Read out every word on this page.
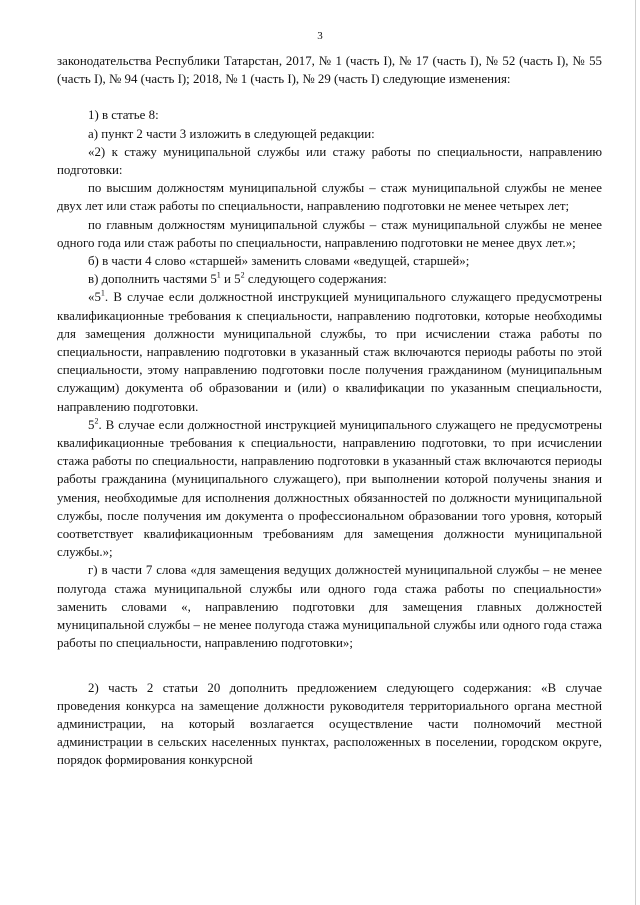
3

законодательства Республики Татарстан, 2017, № 1 (часть I), № 17 (часть I), № 52 (часть I), № 55 (часть I), № 94 (часть I); 2018, № 1 (часть I), № 29 (часть I) следующие изменения:

1) в статье 8:

а) пункт 2 части 3 изложить в следующей редакции:

«2) к стажу муниципальной службы или стажу работы по специальности, направлению подготовки:

по высшим должностям муниципальной службы – стаж муниципальной службы не менее двух лет или стаж работы по специальности, направлению подготовки не менее четырех лет;

по главным должностям муниципальной службы – стаж муниципальной службы не менее одного года или стаж работы по специальности, направлению подготовки не менее двух лет.»;

б) в части 4 слово «старшей» заменить словами «ведущей, старшей»;

в) дополнить частями $5^1$ и $5^2$ следующего содержания:

«$5^1$. В случае если должностной инструкцией муниципального служащего предусмотрены квалификационные требования к специальности, направлению подготовки, которые необходимы для замещения должности муниципальной службы, то при исчислении стажа работы по специальности, направлению подготовки в указанный стаж включаются периоды работы по этой специальности, этому направлению подготовки после получения гражданином (муниципальным служащим) документа об образовании и (или) о квалификации по указанным специальности, направлению подготовки.

$5^2$. В случае если должностной инструкцией муниципального служащего не предусмотрены квалификационные требования к специальности, направлению подготовки, то при исчислении стажа работы по специальности, направлению подготовки в указанный стаж включаются периоды работы гражданина (муниципального служащего), при выполнении которой получены знания и умения, необходимые для исполнения должностных обязанностей по должности муниципальной службы, после получения им документа о профессиональном образовании того уровня, который соответствует квалификационным требованиям для замещения должности муниципальной службы.»;

г) в части 7 слова «для замещения ведущих должностей муниципальной службы – не менее полугода стажа муниципальной службы или одного года стажа работы по специальности» заменить словами «, направлению подготовки для замещения главных должностей муниципальной службы – не менее полугода стажа муниципальной службы или одного года стажа работы по специальности, направлению подготовки»;

2) часть 2 статьи 20 дополнить предложением следующего содержания: «В случае проведения конкурса на замещение должности руководителя территориального органа местной администрации, на который возлагается осуществление части полномочий местной администрации в сельских населенных пунктах, расположенных в поселении, городском округе, порядок формирования конкурсной
